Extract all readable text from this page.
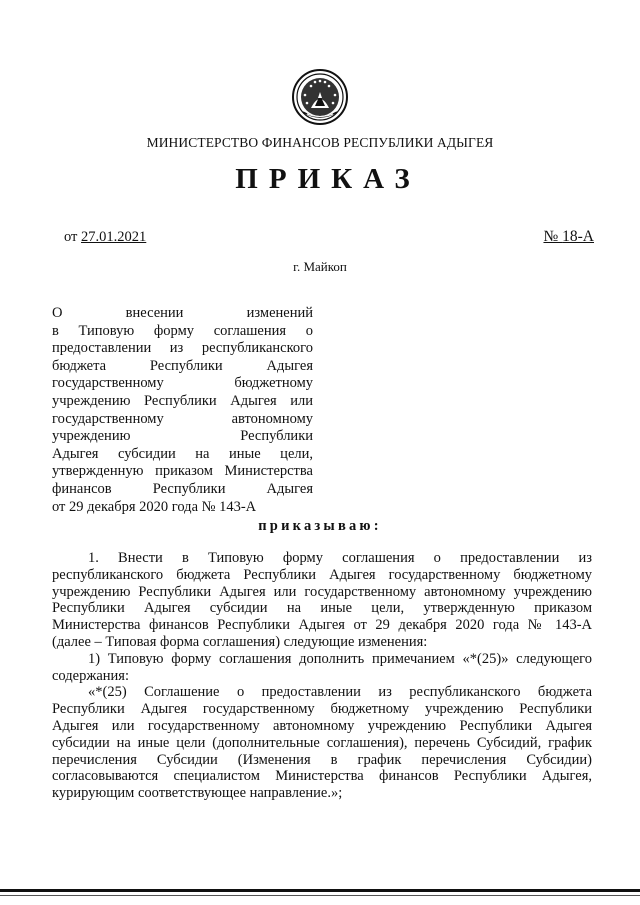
МИНИСТЕРСТВО ФИНАНСОВ РЕСПУБЛИКИ АДЫГЕЯ
ПРИКАЗ
от 27.01.2021	№ 18-А
г. Майкоп
О внесении изменений
в Типовую форму соглашения о
предоставлении из республиканского
бюджета Республики Адыгея
государственному бюджетному
учреждению Республики Адыгея или
государственному автономному
учреждению Республики
Адыгея субсидии на иные цели,
утвержденную приказом Министерства
финансов Республики Адыгея
от 29 декабря 2020 года № 143-А
приказываю:
1. Внести в Типовую форму соглашения о предоставлении из
республиканского бюджета Республики Адыгея государственному бюджетному
учреждению Республики Адыгея или государственному автономному учреждению
Республики Адыгея субсидии на иные цели, утвержденную приказом
Министерства финансов Республики Адыгея от 29 декабря 2020 года № 143-А
(далее – Типовая форма соглашения) следующие изменения:
1) Типовую форму соглашения дополнить примечанием «*(25)» следующего
содержания:
«*(25) Соглашение о предоставлении из республиканского бюджета
Республики Адыгея государственному бюджетному учреждению Республики
Адыгея или государственному автономному учреждению Республики Адыгея
субсидии на иные цели (дополнительные соглашения), перечень Субсидий, график
перечисления Субсидии (Изменения в график перечисления Субсидии)
согласовываются специалистом Министерства финансов Республики Адыгея,
курирующим соответствующее направление.»;
